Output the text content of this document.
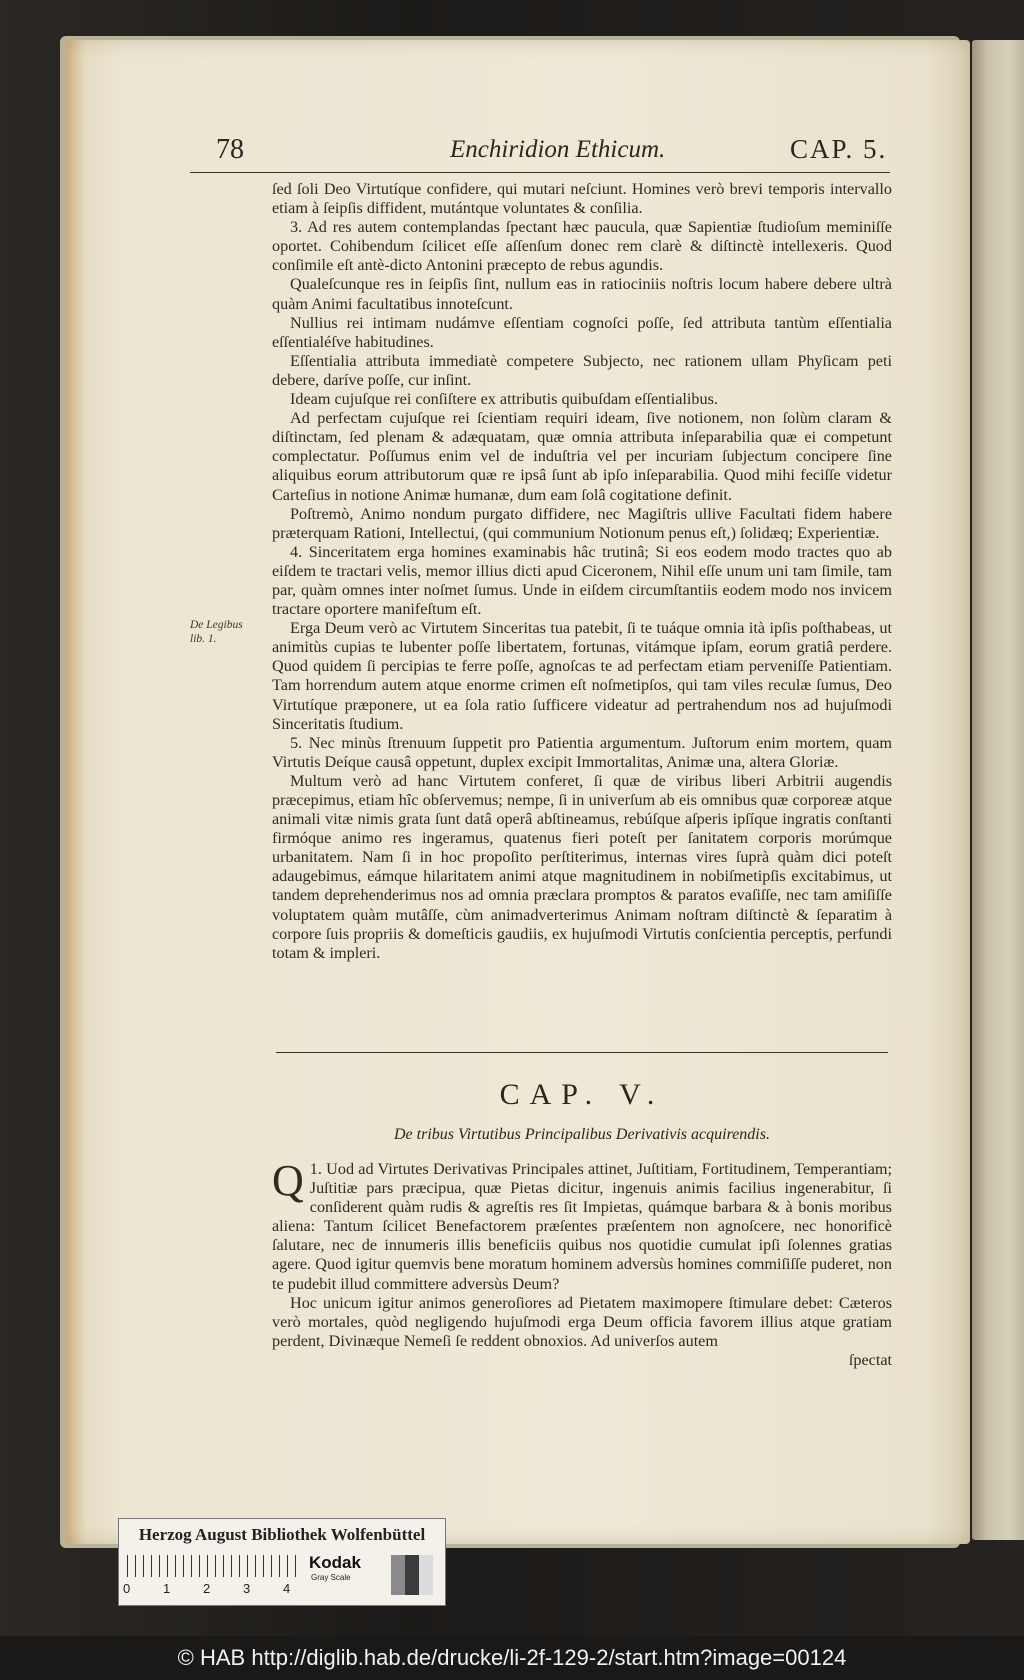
78	Enchiridion Ethicum.	CAP. 5.
De Legibus lib. 1.

ſed ſoli Deo Virtutíque confidere, qui mutari neſciunt. Homines verò brevi temporis intervallo etiam à ſeipſis diffident, mutántque voluntates & conſilia.

3. Ad res autem contemplandas ſpectant hæc paucula, quæ Sapientiæ ſtudioſum meminiſſe oportet. Cohibendum ſcilicet eſſe aſſenſum donec rem clarè & diſtinctè intellexeris. Quod conſimile eſt antè-dicto Antonini præcepto de rebus agundis.

Qualeſcunque res in ſeipſis ſint, nullum eas in ratiociniis noſtris locum habere debere ultrà quàm Animi facultatibus innoteſcunt.

Nullius rei intimam nudámve eſſentiam cognoſci poſſe, ſed attributa tantùm eſſentialia eſſentialéſve habitudines.

Eſſentialia attributa immediatè competere Subjecto, nec rationem ullam Phyſicam peti debere, daríve poſſe, cur inſint.

Ideam cujuſque rei conſiſtere ex attributis quibuſdam eſſentialibus.

Ad perfectam cujuſque rei ſcientiam requiri ideam, ſive notionem, non ſolùm claram & diſtinctam, ſed plenam & adæquatam, quæ omnia attributa inſeparabilia quæ ei competunt complectatur. Poſſumus enim vel de induſtria vel per incuriam ſubjectum concipere ſine aliquibus eorum attributorum quæ re ipsâ ſunt ab ipſo inſeparabilia. Quod mihi feciſſe videtur Carteſius in notione Animæ humanæ, dum eam ſolâ cogitatione definit.

Poſtremò, Animo nondum purgato diffidere, nec Magiſtris ullive Facultati fidem habere præterquam Rationi, Intellectui, (qui communium Notionum penus eſt,) ſolidæq; Experientiæ.

4. Sinceritatem erga homines examinabis hâc trutinâ; Si eos eodem modo tractes quo ab eiſdem te tractari velis, memor illius dicti apud Ciceronem, Nihil eſſe unum uni tam ſimile, tam par, quàm omnes inter noſmet ſumus. Unde in eiſdem circumſtantiis eodem modo nos invicem tractare oportere manifeſtum eſt.

Erga Deum verò ac Virtutem Sinceritas tua patebit, ſi te tuáque omnia ità ipſis poſthabeas, ut animitùs cupias te lubenter poſſe libertatem, fortunas, vitámque ipſam, eorum gratiâ perdere. Quod quidem ſi percipias te ferre poſſe, agnoſcas te ad perfectam etiam perveniſſe Patientiam. Tam horrendum autem atque enorme crimen eſt noſmetipſos, qui tam viles reculæ ſumus, Deo Virtutíque præponere, ut ea ſola ratio ſufficere videatur ad pertrahendum nos ad hujuſmodi Sinceritatis ſtudium.

5. Nec minùs ſtrenuum ſuppetit pro Patientia argumentum. Juſtorum enim mortem, quam Virtutis Deíque causâ oppetunt, duplex excipit Immortalitas, Animæ una, altera Gloriæ.

Multum verò ad hanc Virtutem conferet, ſi quæ de viribus liberi Arbitrii augendis præcepimus, etiam hîc obſervemus; nempe, ſi in univerſum ab eis omnibus quæ corporeæ atque animali vitæ nimis grata ſunt datâ operâ abſtineamus, rebúſque aſperis ipſíque ingratis conſtanti firmóque animo res ingeramus, quatenus fieri poteſt per ſanitatem corporis morúmque urbanitatem. Nam ſi in hoc propoſito perſtiterimus, internas vires ſuprà quàm dici poteſt adaugebimus, eámque hilaritatem animi atque magnitudinem in nobiſmetipſis excitabimus, ut tandem deprehenderimus nos ad omnia præclara promptos & paratos evaſiſſe, nec tam amiſiſſe voluptatem quàm mutâſſe, cùm animadverterimus Animam noſtram diſtinctè & ſeparatim à corpore ſuis propriis & domeſticis gaudiis, ex hujuſmodi Virtutis conſcientia perceptis, perfundi totam & impleri.

CAP. V.
De tribus Virtutibus Principalibus Derivativis acquirendis.

1.
Q Uod ad Virtutes Derivativas Principales attinet, Juſtitiam, Fortitudinem, Temperantiam; Juſtitiæ pars præcipua, quæ Pietas dicitur, ingenuis animis facilius ingenerabitur, ſi conſiderent quàm rudis & agreſtis res ſit Impietas, quámque barbara & à bonis moribus aliena: Tantum ſcilicet Benefactorem præſentes præſentem non agnoſcere, nec honorificè ſalutare, nec de innumeris illis beneficiis quibus nos quotidie cumulat ipſi ſolennes gratias agere. Quod igitur quemvis bene moratum hominem adversùs homines commiſiſſe puderet, non te pudebit illud committere adversùs Deum?

Hoc unicum igitur animos generoſiores ad Pietatem maximopere ſtimulare debet: Cæteros verò mortales, quòd negligendo hujuſmodi erga Deum officia favorem illius atque gratiam perdent, Divinæque Nemeſi ſe reddent obnoxios. Ad univerſos autem

ſpectat

Herzog August Bibliothek Wolfenbüttel
0	1	2	3	4
Kodak
Gray Scale
© HAB http://diglib.hab.de/drucke/li-2f-129-2/start.htm?image=00124
